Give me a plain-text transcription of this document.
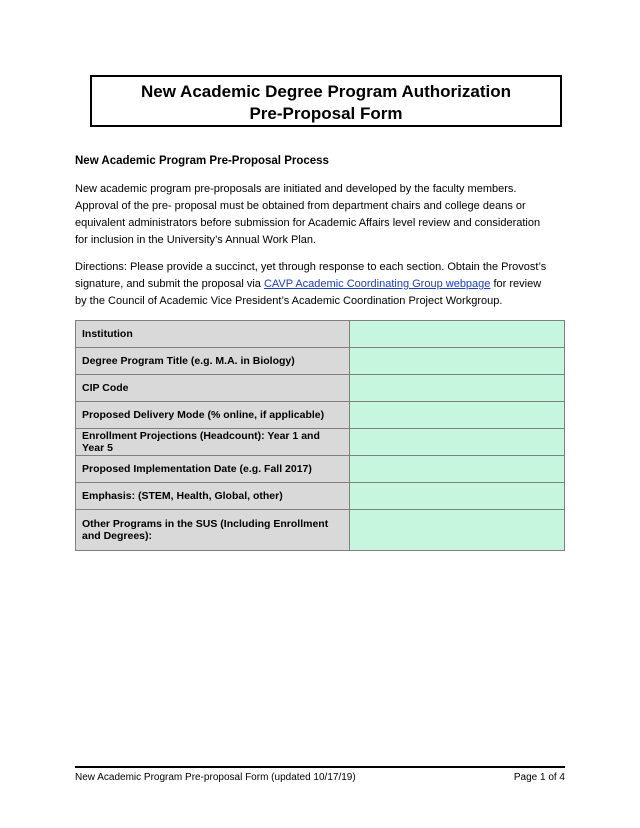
New Academic Degree Program Authorization
Pre-Proposal Form
New Academic Program Pre-Proposal Process
New academic program pre-proposals are initiated and developed by the faculty members. Approval of the pre- proposal must be obtained from department chairs and college deans or equivalent administrators before submission for Academic Affairs level review and consideration for inclusion in the University’s Annual Work Plan.
Directions: Please provide a succinct, yet through response to each section. Obtain the Provost’s signature, and submit the proposal via CAVP Academic Coordinating Group webpage for review by the Council of Academic Vice President’s Academic Coordination Project Workgroup.
Institution	
Degree Program Title (e.g. M.A. in Biology)	
CIP Code	
Proposed Delivery Mode (% online, if applicable)	
Enrollment Projections (Headcount): Year 1 and Year 5	
Proposed Implementation Date (e.g. Fall 2017)	
Emphasis: (STEM, Health, Global, other)	
Other Programs in the SUS (Including Enrollment and Degrees):	
New Academic Program Pre-proposal Form (updated 10/17/19)	Page 1 of 4
